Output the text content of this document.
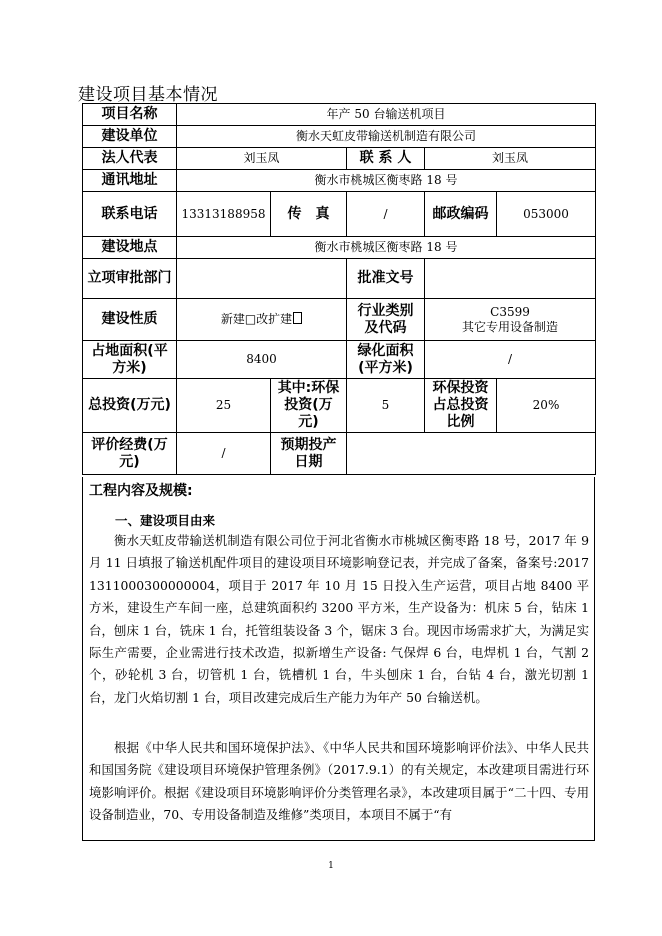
建设项目基本情况
项目名称	年产 50 台输送机项目				
建设单位	衡水天虹皮带输送机制造有限公司				
法人代表	刘玉凤		联 系 人	刘玉凤	
通讯地址	衡水市桃城区衡枣路 18 号				
联系电话	13313188958	传　真	/	邮政编码	053000
建设地点	衡水市桃城区衡枣路 18 号				
立项审批部门			批准文号		
建设性质	新建□改扩建		行业类别及代码	C3599
其它专用设备制造	

占地面积(平方米)	8400		绿化面积(平方米)	/	
总投资(万元)	25	其中:环保投资(万元)	5	环保投资占总投资比例	20%
评价经费(万元)	/	预期投产日期			
工程内容及规模:
一、建设项目由来

衡水天虹皮带输送机制造有限公司位于河北省衡水市桃城区衡枣路 18 号，2017 年 9 月 11 日填报了输送机配件项目的建设项目环境影响登记表，并完成了备案，备案号:20171311000300000004，项目于 2017 年 10 月 15 日投入生产运营，项目占地 8400 平方米，建设生产车间一座，总建筑面积约 3200 平方米，生产设备为：机床 5 台，钻床 1 台，刨床 1 台，铣床 1 台，托管组装设备 3 个，锯床 3 台。现因市场需求扩大，为满足实际生产需要，企业需进行技术改造，拟新增生产设备: 气保焊 6 台，电焊机 1 台，气割 2 个，砂轮机 3 台，切管机 1 台，铣槽机 1 台，牛头刨床 1 台，台钻 4 台，激光切割 1 台，龙门火焰切割 1 台，项目改建完成后生产能力为年产 50 台输送机。

根据《中华人民共和国环境保护法》、《中华人民共和国环境影响评价法》、中华人民共和国国务院《建设项目环境保护管理条例》（2017.9.1）的有关规定，本改建项目需进行环境影响评价。根据《建设项目环境影响评价分类管理名录》，本改建项目属于“二十四、专用设备制造业，70、专用设备制造及维修”类项目，本项目不属于“有

1
